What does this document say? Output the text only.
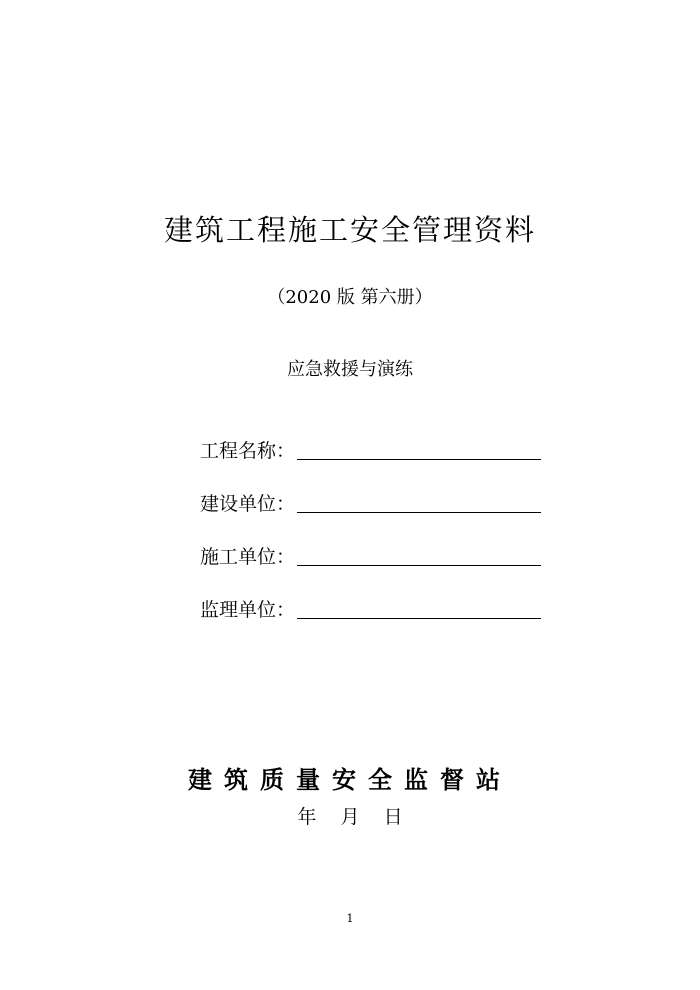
建筑工程施工安全管理资料
（2020 版 第六册）
应急救援与演练
工程名称：
建设单位：
施工单位：
监理单位：
建筑质量安全监督站
年    月    日
1
